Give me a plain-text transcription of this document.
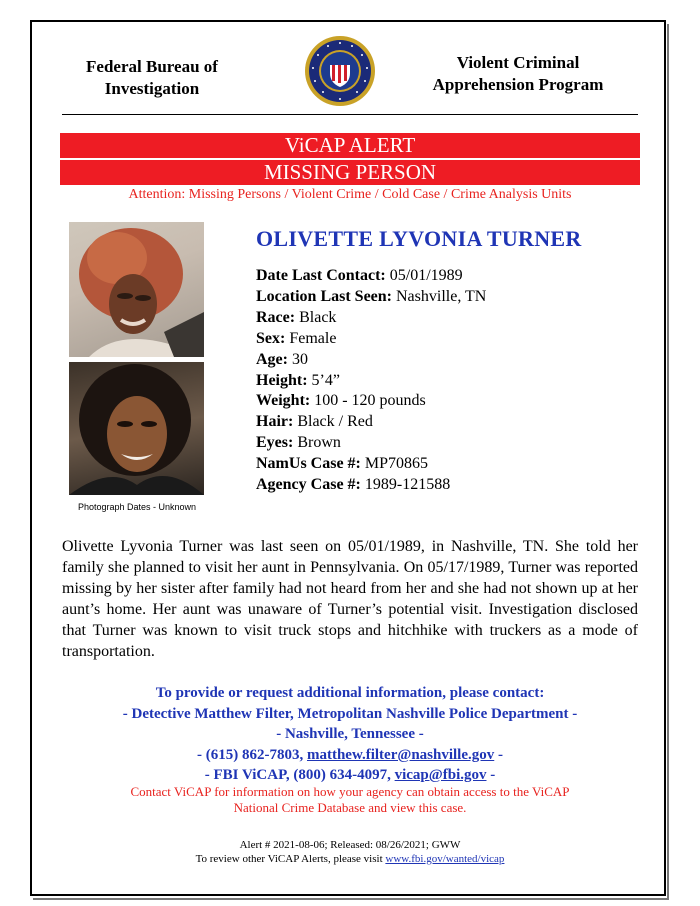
Federal Bureau of
Investigation
Violent Criminal
Apprehension Program
ViCAP ALERT
MISSING PERSON
Attention: Missing Persons / Violent Crime / Cold Case / Crime Analysis Units
Photograph Dates - Unknown
OLIVETTE LYVONIA TURNER
Date Last Contact: 05/01/1989
Location Last Seen: Nashville, TN
Race: Black
Sex: Female
Age: 30
Height: 5’4”
Weight: 100 - 120 pounds
Hair: Black / Red
Eyes: Brown
NamUs Case #: MP70865
Agency Case #: 1989-121588
Olivette Lyvonia Turner was last seen on 05/01/1989, in Nashville, TN. She told her family she planned to visit her aunt in Pennsylvania. On 05/17/1989, Turner was reported missing by her sister after family had not heard from her and she had not shown up at her aunt’s home. Her aunt was unaware of Turner’s potential visit. Investigation disclosed that Turner was known to visit truck stops and hitchhike with truckers as a mode of transportation.
To provide or request additional information, please contact:
- Detective Matthew Filter, Metropolitan Nashville Police Department -
- Nashville, Tennessee -
- (615) 862-7803, matthew.filter@nashville.gov -
- FBI ViCAP, (800) 634-4097, vicap@fbi.gov -
Contact ViCAP for information on how your agency can obtain access to the ViCAP
National Crime Database and view this case.
Alert # 2021-08-06; Released: 08/26/2021; GWW
To review other ViCAP Alerts, please visit www.fbi.gov/wanted/vicap
